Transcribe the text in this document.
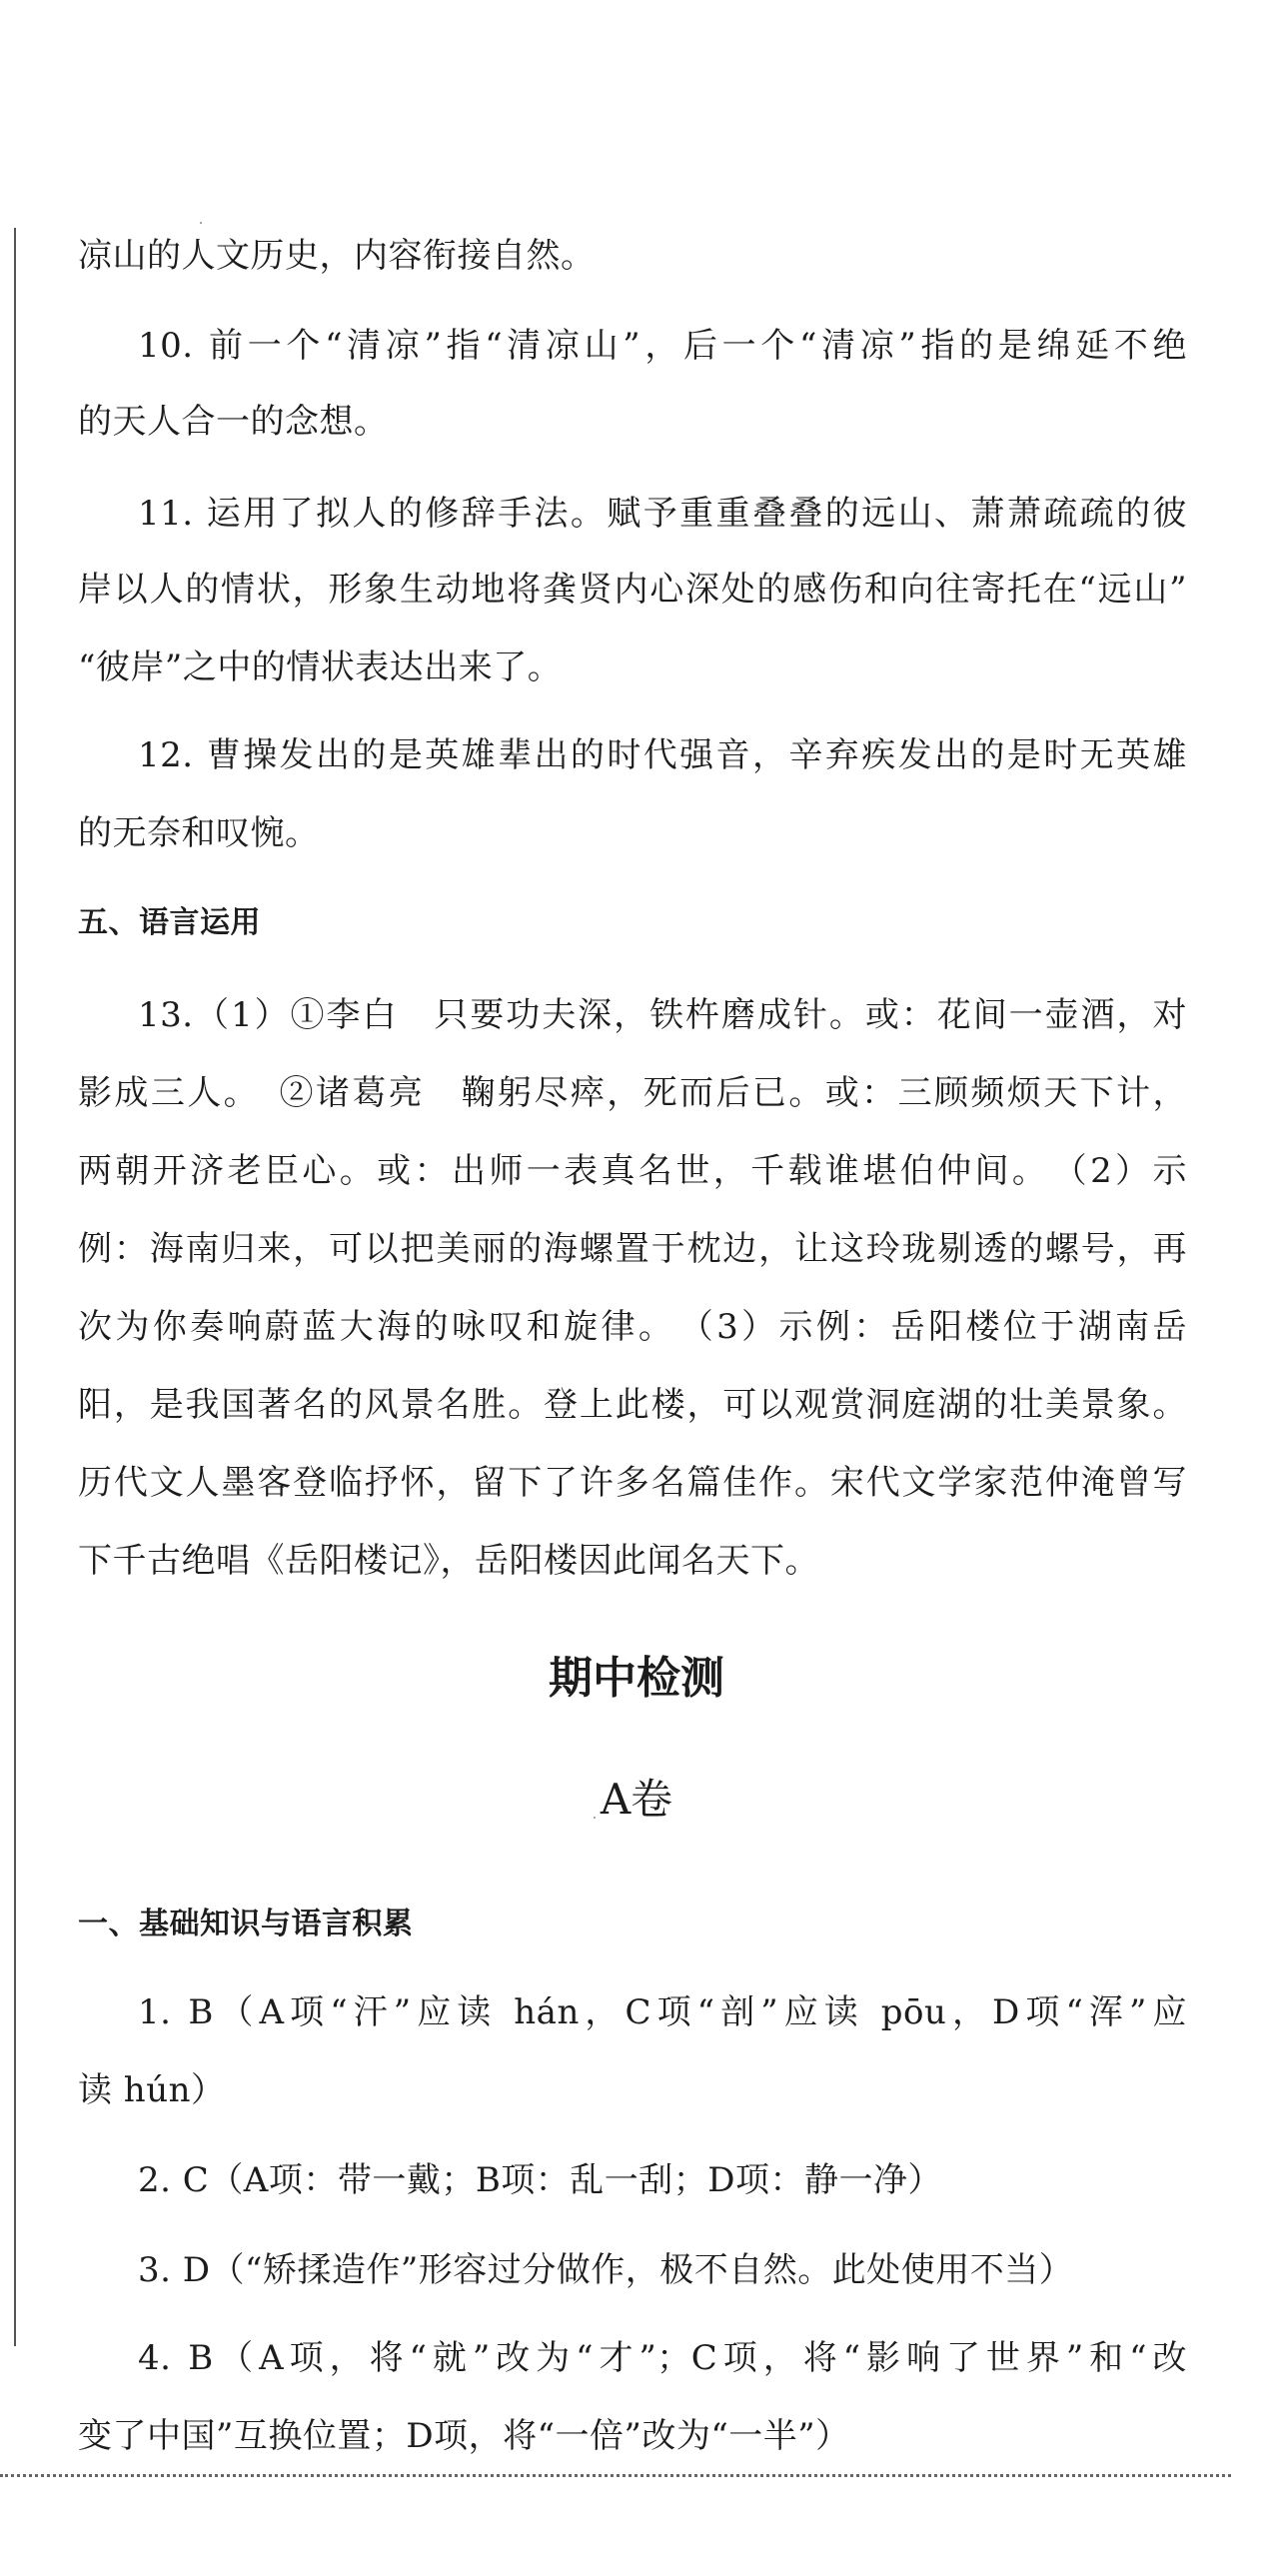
凉山的人文历史，内容衔接自然。
10. 前一个“清凉”指“清凉山”，后一个“清凉”指的是绵延不绝
的天人合一的念想。
11. 运用了拟人的修辞手法。赋予重重叠叠的远山、萧萧疏疏的彼
岸以人的情状，形象生动地将龚贤内心深处的感伤和向往寄托在“远山”
“彼岸”之中的情状表达出来了。
12. 曹操发出的是英雄辈出的时代强音，辛弃疾发出的是时无英雄
的无奈和叹惋。
五、语言运用
13.（1）①李白　只要功夫深，铁杵磨成针。或：花间一壶酒，对
影成三人。　②诸葛亮　鞠躬尽瘁，死而后已。或：三顾频烦天下计，
两朝开济老臣心。或：出师一表真名世，千载谁堪伯仲间。　（2）示
例：海南归来，可以把美丽的海螺置于枕边，让这玲珑剔透的螺号，再
次为你奏响蔚蓝大海的咏叹和旋律。　（3）示例：岳阳楼位于湖南岳
阳，是我国著名的风景名胜。登上此楼，可以观赏洞庭湖的壮美景象。
历代文人墨客登临抒怀，留下了许多名篇佳作。宋代文学家范仲淹曾写
下千古绝唱《岳阳楼记》，岳阳楼因此闻名天下。
期中检测
A卷
一、基础知识与语言积累
1. B（A项“汗”应读 hán，C项“剖”应读 pōu，D项“浑”应
读 hún）
2. C（A项：带一戴；B项：乱一刮；D项：静一净）
3. D（“矫揉造作”形容过分做作，极不自然。此处使用不当）
4. B（A项，将“就”改为“才”；C项，将“影响了世界”和“改
变了中国”互换位置；D项，将“一倍”改为“一半”）
